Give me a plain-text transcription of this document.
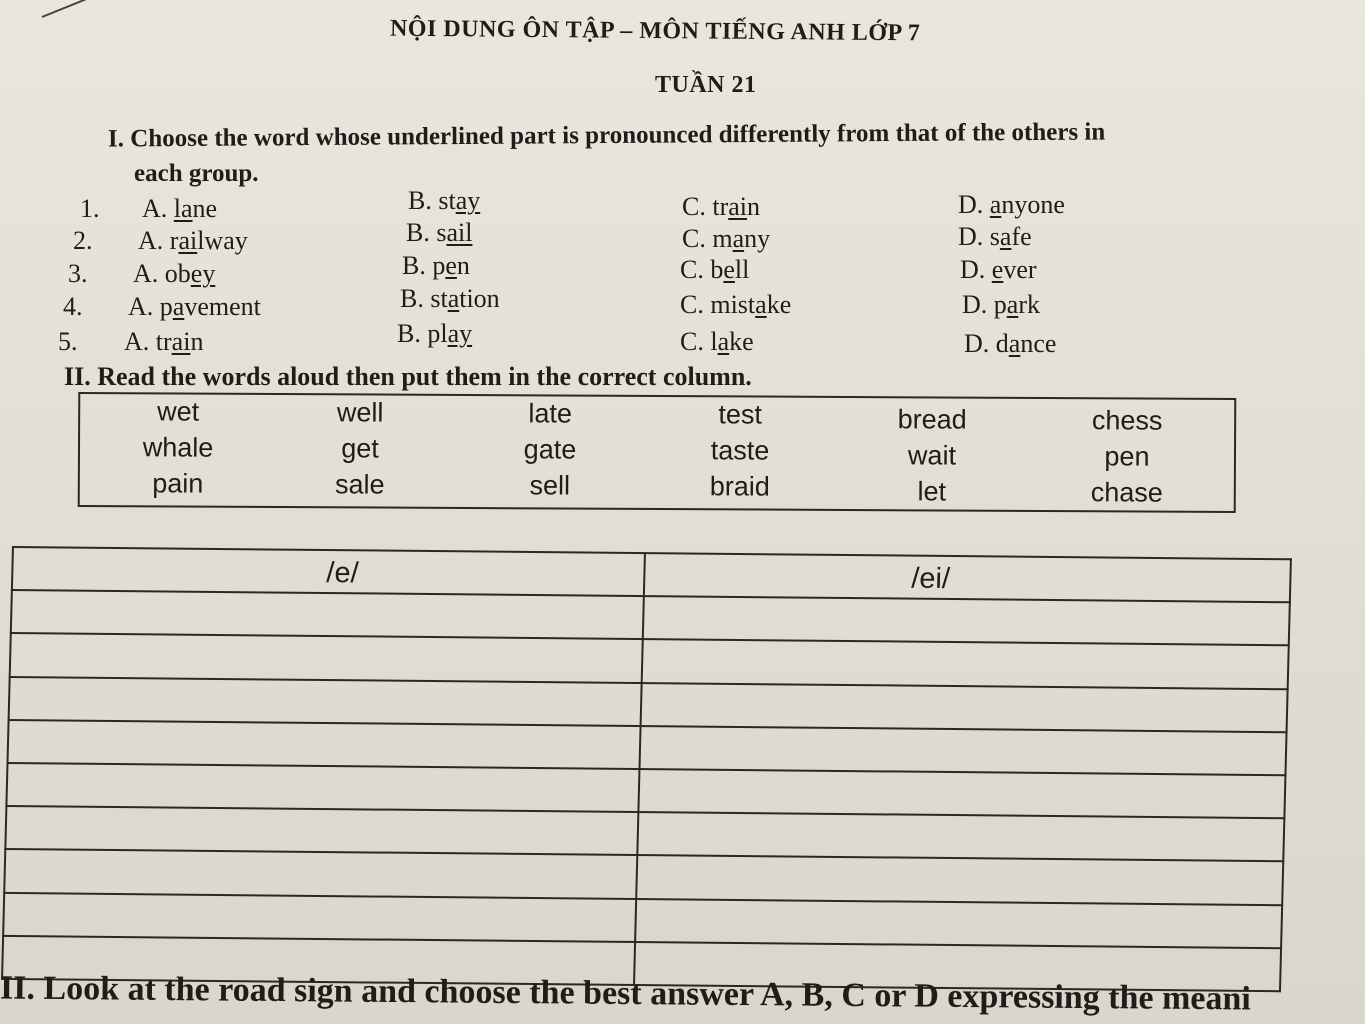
NỘI DUNG ÔN TẬP – MÔN TIẾNG ANH LỚP 7
TUẦN 21
I. Choose the word whose underlined part is pronounced differently from that of the others in
each group.
1. A. lane	B. stay	C. train	D. anyone
2. A. railway	B. sail	C. many	D. safe
3. A. obey	B. pen	C. bell	D. ever
4. A. pavement	B. station	C. mistake	D. park
5. A. train	B. play	C. lake	D. dance
II. Read the words aloud then put them in the correct column.
wet	well	late	test	bread	chess
whale	get	gate	taste	wait	pen
pain	sale	sell	braid	let	chase
/e/	/ei/
II. Look at the road sign and choose the best answer A, B, C or D expressing the meani
